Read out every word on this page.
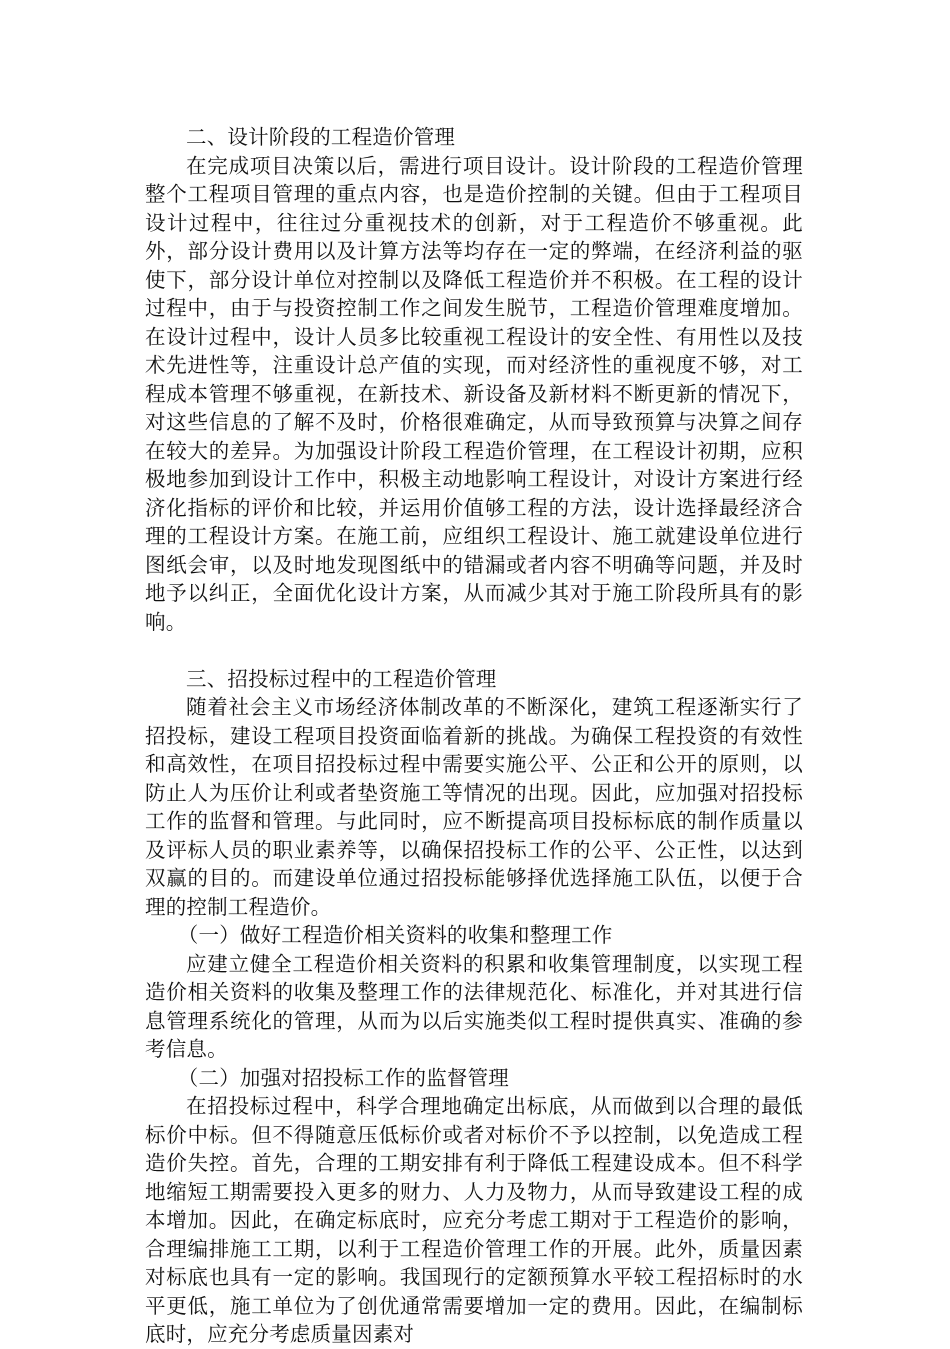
二、设计阶段的工程造价管理

在完成项目决策以后，需进行项目设计。设计阶段的工程造价管理整个工程项目管理的重点内容，也是造价控制的关键。但由于工程项目设计过程中，往往过分重视技术的创新，对于工程造价不够重视。此外，部分设计费用以及计算方法等均存在一定的弊端，在经济利益的驱使下，部分设计单位对控制以及降低工程造价并不积极。在工程的设计过程中，由于与投资控制工作之间发生脱节，工程造价管理难度增加。在设计过程中，设计人员多比较重视工程设计的安全性、有用性以及技术先进性等，注重设计总产值的实现，而对经济性的重视度不够，对工程成本管理不够重视，在新技术、新设备及新材料不断更新的情况下，对这些信息的了解不及时，价格很难确定，从而导致预算与决算之间存在较大的差异。为加强设计阶段工程造价管理，在工程设计初期，应积极地参加到设计工作中，积极主动地影响工程设计，对设计方案进行经济化指标的评价和比较，并运用价值够工程的方法，设计选择最经济合理的工程设计方案。在施工前，应组织工程设计、施工就建设单位进行图纸会审，以及时地发现图纸中的错漏或者内容不明确等问题，并及时地予以纠正，全面优化设计方案，从而减少其对于施工阶段所具有的影响。

三、招投标过程中的工程造价管理

随着社会主义市场经济体制改革的不断深化，建筑工程逐渐实行了招投标，建设工程项目投资面临着新的挑战。为确保工程投资的有效性和高效性，在项目招投标过程中需要实施公平、公正和公开的原则，以防止人为压价让利或者垫资施工等情况的出现。因此，应加强对招投标工作的监督和管理。与此同时，应不断提高项目投标标底的制作质量以及评标人员的职业素养等，以确保招投标工作的公平、公正性，以达到双赢的目的。而建设单位通过招投标能够择优选择施工队伍，以便于合理的控制工程造价。

（一）做好工程造价相关资料的收集和整理工作

应建立健全工程造价相关资料的积累和收集管理制度，以实现工程造价相关资料的收集及整理工作的法律规范化、标准化，并对其进行信息管理系统化的管理，从而为以后实施类似工程时提供真实、准确的参考信息。

（二）加强对招投标工作的监督管理

在招投标过程中，科学合理地确定出标底，从而做到以合理的最低标价中标。但不得随意压低标价或者对标价不予以控制，以免造成工程造价失控。首先，合理的工期安排有利于降低工程建设成本。但不科学地缩短工期需要投入更多的财力、人力及物力，从而导致建设工程的成本增加。因此，在确定标底时，应充分考虑工期对于工程造价的影响，合理编排施工工期，以利于工程造价管理工作的开展。此外，质量因素对标底也具有一定的影响。我国现行的定额预算水平较工程招标时的水平更低，施工单位为了创优通常需要增加一定的费用。因此，在编制标底时，应充分考虑质量因素对
